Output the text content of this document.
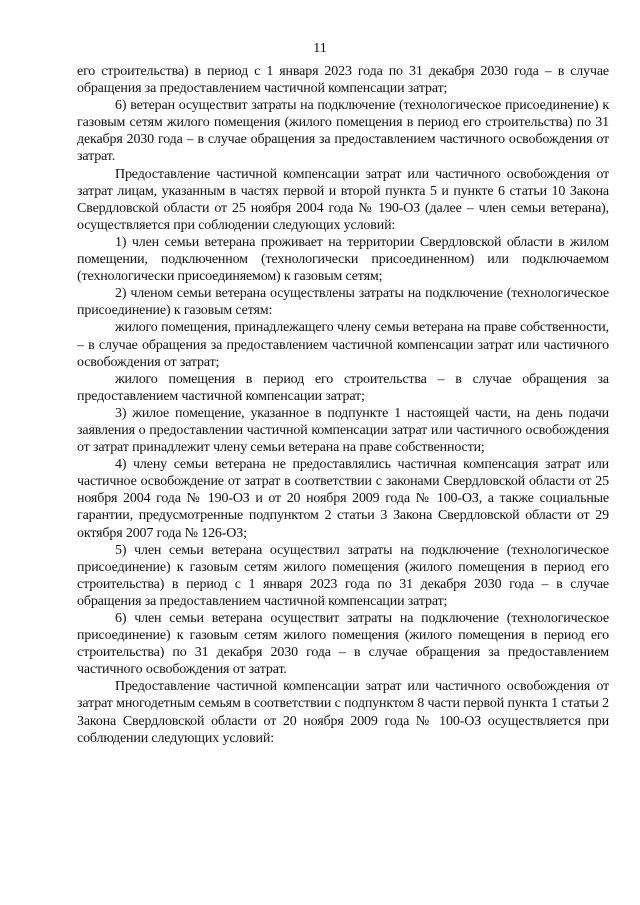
11

его строительства) в период с 1 января 2023 года по 31 декабря 2030 года – в случае обращения за предоставлением частичной компенсации затрат;

6) ветеран осуществит затраты на подключение (технологическое присоединение) к газовым сетям жилого помещения (жилого помещения в период его строительства) по 31 декабря 2030 года – в случае обращения за предоставлением частичного освобождения от затрат.

Предоставление частичной компенсации затрат или частичного освобождения от затрат лицам, указанным в частях первой и второй пункта 5 и пункте 6 статьи 10 Закона Свердловской области от 25 ноября 2004 года № 190-ОЗ (далее – член семьи ветерана), осуществляется при соблюдении следующих условий:

1) член семьи ветерана проживает на территории Свердловской области в жилом помещении, подключенном (технологически присоединенном) или подключаемом (технологически присоединяемом) к газовым сетям;

2) членом семьи ветерана осуществлены затраты на подключение (технологическое присоединение) к газовым сетям:

жилого помещения, принадлежащего члену семьи ветерана на праве собственности, – в случае обращения за предоставлением частичной компенсации затрат или частичного освобождения от затрат;

жилого помещения в период его строительства – в случае обращения за предоставлением частичной компенсации затрат;

3) жилое помещение, указанное в подпункте 1 настоящей части, на день подачи заявления о предоставлении частичной компенсации затрат или частичного освобождения от затрат принадлежит члену семьи ветерана на праве собственности;

4) члену семьи ветерана не предоставлялись частичная компенсация затрат или частичное освобождение от затрат в соответствии с законами Свердловской области от 25 ноября 2004 года № 190-ОЗ и от 20 ноября 2009 года № 100-ОЗ, а также социальные гарантии, предусмотренные подпунктом 2 статьи 3 Закона Свердловской области от 29 октября 2007 года № 126-ОЗ;

5) член семьи ветерана осуществил затраты на подключение (технологическое присоединение) к газовым сетям жилого помещения (жилого помещения в период его строительства) в период с 1 января 2023 года по 31 декабря 2030 года – в случае обращения за предоставлением частичной компенсации затрат;

6) член семьи ветерана осуществит затраты на подключение (технологическое присоединение) к газовым сетям жилого помещения (жилого помещения в период его строительства) по 31 декабря 2030 года – в случае обращения за предоставлением частичного освобождения от затрат.

Предоставление частичной компенсации затрат или частичного освобождения от затрат многодетным семьям в соответствии с подпунктом 8 части первой пункта 1 статьи 2 Закона Свердловской области от 20 ноября 2009 года № 100-ОЗ осуществляется при соблюдении следующих условий:
